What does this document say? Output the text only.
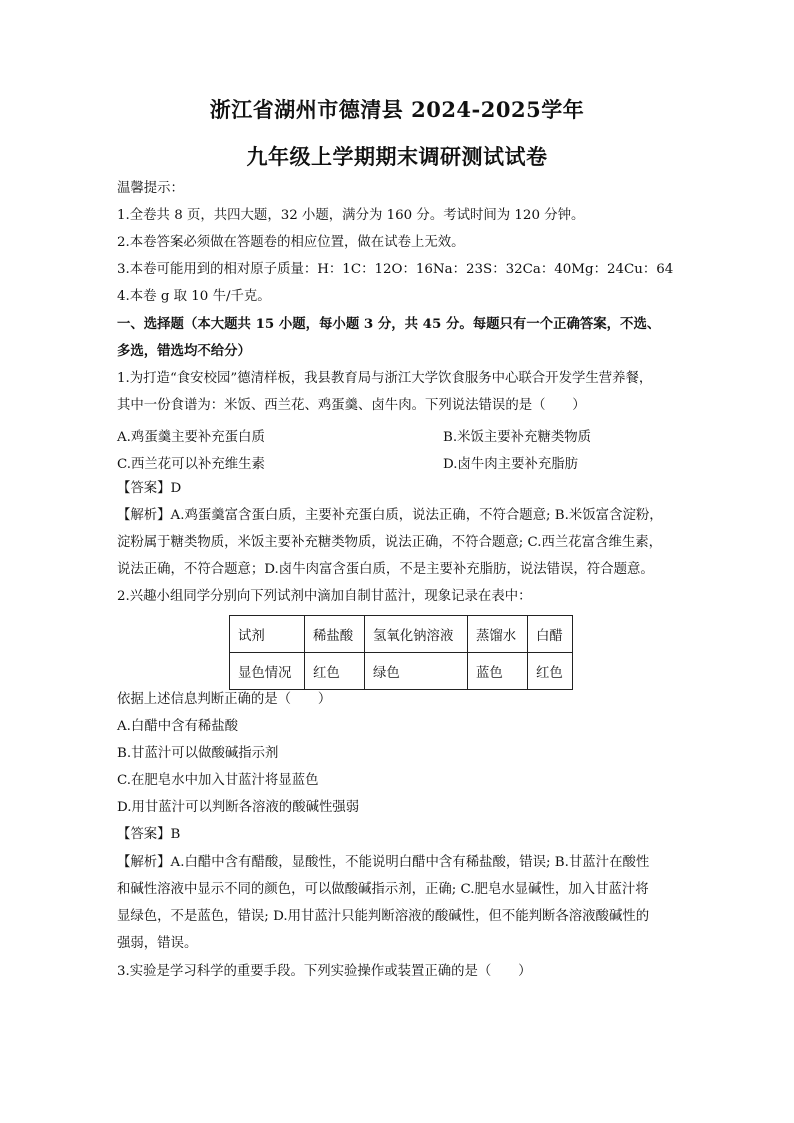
浙江省湖州市德清县 2024-2025学年
九年级上学期期末调研测试试卷
温馨提示：
1.全卷共 8 页，共四大题，32 小题，满分为 160 分。考试时间为 120 分钟。
2.本卷答案必须做在答题卷的相应位置，做在试卷上无效。
3.本卷可能用到的相对原子质量：H：1C：12O：16Na：23S：32Ca：40Mg：24Cu：64
4.本卷 g 取 10 牛/千克。
一、选择题（本大题共 15 小题，每小题 3 分，共 45 分。每题只有一个正确答案，不选、
多选，错选均不给分）
1.为打造“食安校园”德清样板，我县教育局与浙江大学饮食服务中心联合开发学生营养餐，
其中一份食谱为：米饭、西兰花、鸡蛋羹、卤牛肉。下列说法错误的是（　　）
A.鸡蛋羹主要补充蛋白质	B.米饭主要补充糖类物质
C.西兰花可以补充维生素	D.卤牛肉主要补充脂肪
【答案】D
【解析】A.鸡蛋羹富含蛋白质，主要补充蛋白质，说法正确，不符合题意; B.米饭富含淀粉，
淀粉属于糖类物质，米饭主要补充糖类物质，说法正确，不符合题意; C.西兰花富含维生素，
说法正确，不符合题意；D.卤牛肉富含蛋白质，不是主要补充脂肪，说法错误，符合题意。
2.兴趣小组同学分别向下列试剂中滴加自制甘蓝汁，现象记录在表中：
试剂	稀盐酸	氢氧化钠溶液	蒸馏水	白醋
显色情况	红色	绿色	蓝色	红色
依据上述信息判断正确的是（　　）
A.白醋中含有稀盐酸
B.甘蓝汁可以做酸碱指示剂
C.在肥皂水中加入甘蓝汁将显蓝色
D.用甘蓝汁可以判断各溶液的酸碱性强弱
【答案】B
【解析】A.白醋中含有醋酸，显酸性，不能说明白醋中含有稀盐酸，错误; B.甘蓝汁在酸性
和碱性溶液中显示不同的颜色，可以做酸碱指示剂，正确; C.肥皂水显碱性，加入甘蓝汁将
显绿色，不是蓝色，错误; D.用甘蓝汁只能判断溶液的酸碱性，但不能判断各溶液酸碱性的
强弱，错误。
3.实验是学习科学的重要手段。下列实验操作或装置正确的是（　　）
